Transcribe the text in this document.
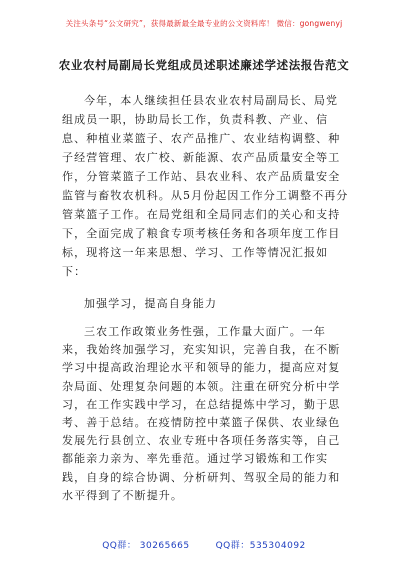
关注头条号“公文研究”，获得最新最全最专业的公文资料库！ 微信：gongwenyj
农业农村局副局长党组成员述职述廉述学述法报告范文
今年，本人继续担任县农业农村局副局长、局党组成员一职，协助局长工作，负责科教、产业、信息、种植业菜篮子、农产品推广、农业结构调整、种子经营管理、农广校、新能源、农产品质量安全等工作，分管菜篮子工作站、县农业科、农产品质量安全监管与畜牧农机科。从5月份起因工作分工调整不再分管菜篮子工作。在局党组和全局同志们的关心和支持下，全面完成了粮食专项考核任务和各项年度工作目标，现将这一年来思想、学习、工作等情况汇报如下：
加强学习，提高自身能力
三农工作政策业务性强，工作量大面广。一年来，我始终加强学习，充实知识，完善自我，在不断学习中提高政治理论水平和领导的能力，提高应对复杂局面、处理复杂问题的本领。注重在研究分析中学习，在工作实践中学习，在总结提炼中学习，勤于思考、善于总结。在疫情防控中菜篮子保供、农业绿色发展先行县创立、农业专班中各项任务落实等，自己都能亲力亲为、率先垂范。通过学习锻炼和工作实践，自身的综合协调、分析研判、驾驭全局的能力和水平得到了不断提升。
QQ群： 30265665	QQ群：535304092
